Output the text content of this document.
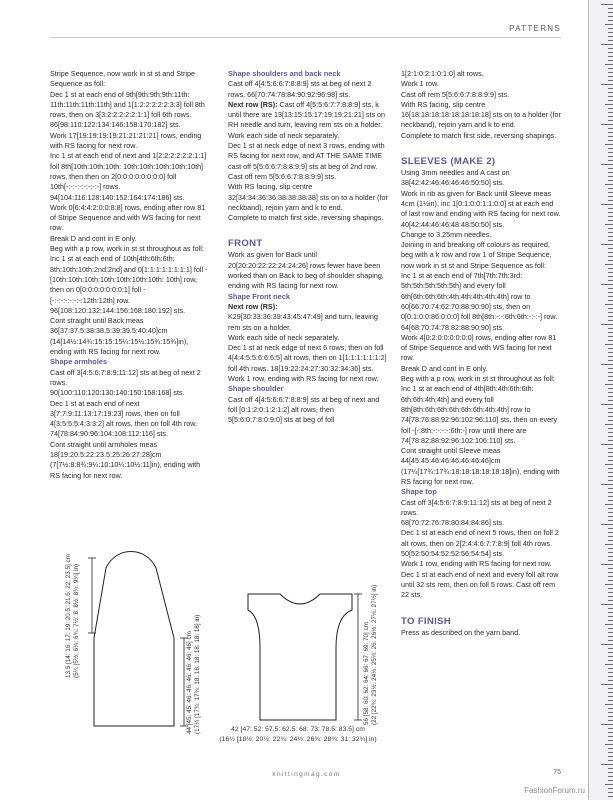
PATTERNS

Stripe Sequence, now work in st st and Stripe Sequence as foll:

Dec 1 st at each end of 9th[9th:9th:9th:11th: 11th:11th:11th:11th] and 1[1:2:2:2:2:2:3:3] foll 8th rows, then on 3[3:2:2:2:2:2:1:1] foll 6th rows. 86[98:110:122:134:146:158:170:182] sts.

Work 17[19:19:19:19:21:21:21:21] rows, ending with RS facing for next row.

Inc 1 st at each end of next and 1[2:2:2:2:2:2:1:1] foll 8th[10th:10th:10th: 10th:10th:10th:10th:10th] rows, then then on 2[0:0:0:0:0:0:0:0] foll 10th[-:-:-:-:-:-:-:-] rows. 94[104:116:128:140:152:164:174:186] sts.

Work 0[6:4:4:2:0:0:8:8] rows, ending after row 81 of Stripe Sequence and with WS facing for next row.

Break D and cont in E only.

Beg with a p row, work in st st throughout as foll:

Inc 1 st at each end of 10th[4th:6th:6th: 8th:10th:10th:2nd:2nd] and 0[1:1:1:1:1:1:1:1] foll -[10th:10th:10th:10th:10th:10th:10th: 10th] row, then on 0[0:0:0:0:0:0:0:1] foll -[-:-:-:-:-:-:-:12th:12th] row. 96[108:120:132:144:156:168:180:192] sts.

Cont straight until Back meas 36[37:37.5:38:38.5:39:39.5:40:40]cm (14[14½:14¾:15:15:15¼:15½:15¾:15¾]in), ending with RS facing for next row.

Shape armholes

Cast off 3[4:5:6:7:8:9:11:12] sts at beg of next 2 rows.

90[100:110:120:130:140:150:158:168] sts.

Dec 1 st at each end of next 3[7:7:9:11:13:17:19:23] rows, then on foll 4[3:5:5:5:4:3:3:2] alt rows, then on foll 4th row. 74[78:84:90:96:104:108:112:116] sts.

Cont straight until armholes meas 18[19:20.5:22:23.5:25:26:27:28]cm (7[7½:8:8¾:9¼:10:10¼:10½:11]in), ending with RS facing for next row.

Shape shoulders and back neck

Cast off 4[4:5:6:6:7:8:8:9] sts at beg of next 2 rows. 66[70:74:78:84:90:92:96:98] sts.

Next row (RS): Cast off 4[5:5:6:7:7:8:8:9] sts, k until there are 13[13:15:15:17:19:19:21:21] sts on RH needle and turn, leaving rem sts on a holder.

Work each side of neck separately.

Dec 1 st at neck edge of next 3 rows, ending with RS facing for next row, and AT THE SAME TIME cast off 5[5:6:6:7:8:8:9:9] sts at beg of 2nd row.

Cast off rem 5[5:6:6:7:8:8:9:9] sts.

With RS facing, slip centre 32[34:34:36:36:38:38:38:38] sts on to a holder (for neckband), rejoin yarn and k to end.

Complete to match first side, reversing shapings.

FRONT

Work as given for Back until 20[20:20:22:22:24:24:26] rows fewer have been worked than on Back to beg of shoulder shaping, ending with RS facing for next row.

Shape Front neck

Next row (RS):

K29[30:33:36:39:43:45:47:49] and turn, leaving rem sts on a holder.

Work each side of neck separately.

Dec 1 st at neck edge of next 6 rows, then on foll 4[4:4:5:5:6:6:6:5] alt rows, then on 1[1:1:1:1:1:1:2] foll 4th rows. 18[19:22:24:27:30:32:34:36] sts.

Work 1 row, ending with RS facing for next row.

Shape shoulder

Cast off 4[4:5:6:6:7:8:8:9] sts at beg of next and foll [0:1:2:0:1:2:1:2] alt rows, then 5[5:6:0:7:8:0:9:0] sts at beg of foll

1[2:1:0:2:1:0:1:0] alt rows.

Work 1 row.

Cast off rem 5[5:6:6:7:8:8:9:9] sts.

With RS facing, slip centre 16[18:18:18:18:18:18:18:18] sts on to a holder (for neckband), rejoin yarn and k to end.

Complete to match first side, reversing shapings.

SLEEVES (MAKE 2)

Using 3mm needles and A cast on 38[42:42:46:46:46:46:50:50] sts.

Work in rib as given for Back until Sleeve meas 4cm (1½in), inc 1[0:1:0:0:1:1:0:0] st at each end of last row and ending with RS facing for next row. 40[42:44:46:46:48:48:50:50] sts.

Change to 3.25mm needles.

Joining in and breaking off colours as required, beg with a k row and row 1 of Stripe Sequence, now work in st st and Stripe Sequence as foll:

Inc 1 st at each end of 7th[7th:7th:3rd: 5th:5th:5th:5th:5th] and every foll 6th[6th:6th:6th:4th:4th:4th:4th:4th] row to 60[66:70:74:62:70:88:90:90] sts, then on 0[0:1:0:0:86:0:0:0] foll 8th[8th:-:-:6th:6th:-:-:-] row. 64[68:70:74:78:82:88:90:90] sts.

Work 4[0:2:0:0:0:0:0:0] rows, ending after row 81 of Stripe Sequence and with WS facing for next row.

Break D and cont in E only.

Beg with a p row, work in st st throughout as foll:

Inc 1 st at each end of 4th[8th:4th:6th:6th: 6th:6th:4th:4th] and every foll 8th[8th:6th:6th:6th:6th:6th:4th:4th] row to 74[78:76:88:92:96:102:96:110] sts, then on every foll -[-:8th:-:-:-:-:6th:-] row until there are 74[78:82:88:92:96:102:106:110] sts.

Cont straight until Sleeve meas 44[45:45:46:46:46:46:46:46]cm (17¼[17¾:17¾:18:18:18:18:18:18]in), ending with RS facing for next row.

Shape top

Cast off 3[4:5:6:7:8:9:11:12] sts at beg of next 2 rows.

68[70:72:76:78:80:84:84:86] sts.

Dec 1 st at each end of next 5 rows, then on foll 2 alt rows, then on 2[2:4:4:6:7:7:8:9] foll 4th rows.

50[52:50:54:52:52:56:54:54] sts.

Work 1 row, ending with RS facing for next row.

Dec 1 st at each end of next and every foll alt row until 32 sts rem, then on foll 5 rows. Cast off rem 22 sts.

TO FINISH

Press as described on the yarn band.

13.5 [14: 16: 17: 19: 20.5: 21.5: 22: 23.5] cm (5¼ [5½: 6¼: 6¾: 7½: 8: 8½: 8¾: 9¼] in)
44 [45: 45: 46: 46: 46: 46: 46: 46] cm (17¼ [17¾: 17¾: 18: 18: 18: 18: 18: 18] in)	56 [58: 60: 62: 64: 66: 67: 69: 70] cm (22 [22¾: 23½: 24½: 25¼: 26: 26½: 27¼: 27½] in)
42 [47: 52: 57.5: 62.5: 68: 73: 78.5: 83.5] cm
(16½ [18½: 20½: 22¾: 24½: 26¾: 28¾: 31: 32¾] in)
knittingmag.com	75
FashionForum.ru
